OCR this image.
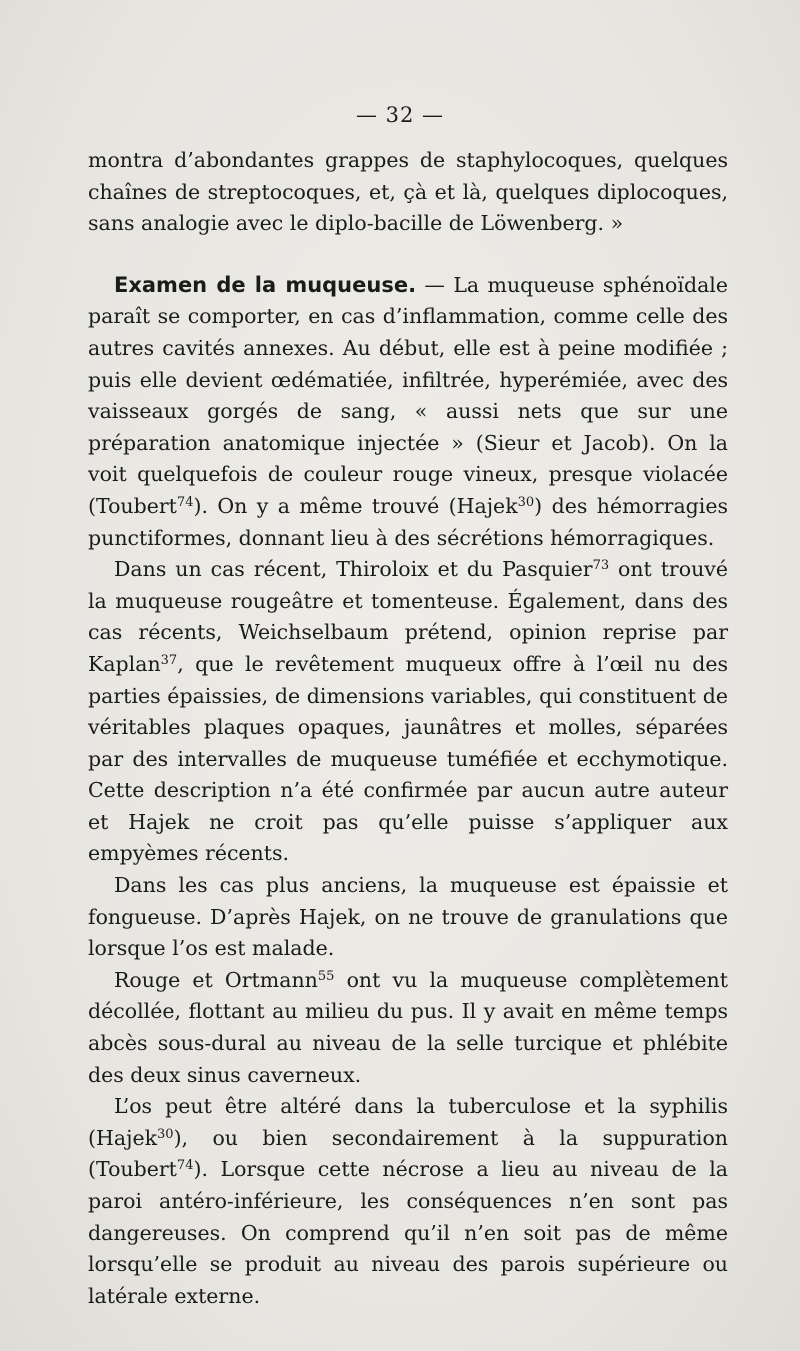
— 32 —

montra d’abondantes grappes de staphylocoques, quelques chaînes de streptocoques, et, çà et là, quelques diplocoques, sans analogie avec le diplo-bacille de Löwenberg. »

Examen de la muqueuse. — La muqueuse sphénoïdale paraît se comporter, en cas d’inflammation, comme celle des autres cavités annexes. Au début, elle est à peine modifiée ; puis elle devient œdématiée, infiltrée, hyperémiée, avec des vaisseaux gorgés de sang, « aussi nets que sur une préparation anatomique injectée » (Sieur et Jacob). On la voit quelquefois de couleur rouge vineux, presque violacée (Toubert$^{74}$). On y a même trouvé (Hajek$^{30}$) des hémorragies punctiformes, donnant lieu à des sécrétions hémorragiques.

Dans un cas récent, Thiroloix et du Pasquier$^{73}$ ont trouvé la muqueuse rougeâtre et tomenteuse. Également, dans des cas récents, Weichselbaum prétend, opinion reprise par Kaplan$^{37}$, que le revêtement muqueux offre à l’œil nu des parties épaissies, de dimensions variables, qui constituent de véritables plaques opaques, jaunâtres et molles, séparées par des intervalles de muqueuse tuméfiée et ecchymotique. Cette description n’a été confirmée par aucun autre auteur et Hajek ne croit pas qu’elle puisse s’appliquer aux empyèmes récents.

Dans les cas plus anciens, la muqueuse est épaissie et fongueuse. D’après Hajek, on ne trouve de granulations que lorsque l’os est malade.

Rouge et Ortmann$^{55}$ ont vu la muqueuse complètement décollée, flottant au milieu du pus. Il y avait en même temps abcès sous-dural au niveau de la selle turcique et phlébite des deux sinus caverneux.

L’os peut être altéré dans la tuberculose et la syphilis (Hajek$^{30}$), ou bien secondairement à la suppuration (Toubert$^{74}$). Lorsque cette nécrose a lieu au niveau de la paroi antéro-inférieure, les conséquences n’en sont pas dangereuses. On comprend qu’il n’en soit pas de même lorsqu’elle se produit au niveau des parois supérieure ou latérale externe.
